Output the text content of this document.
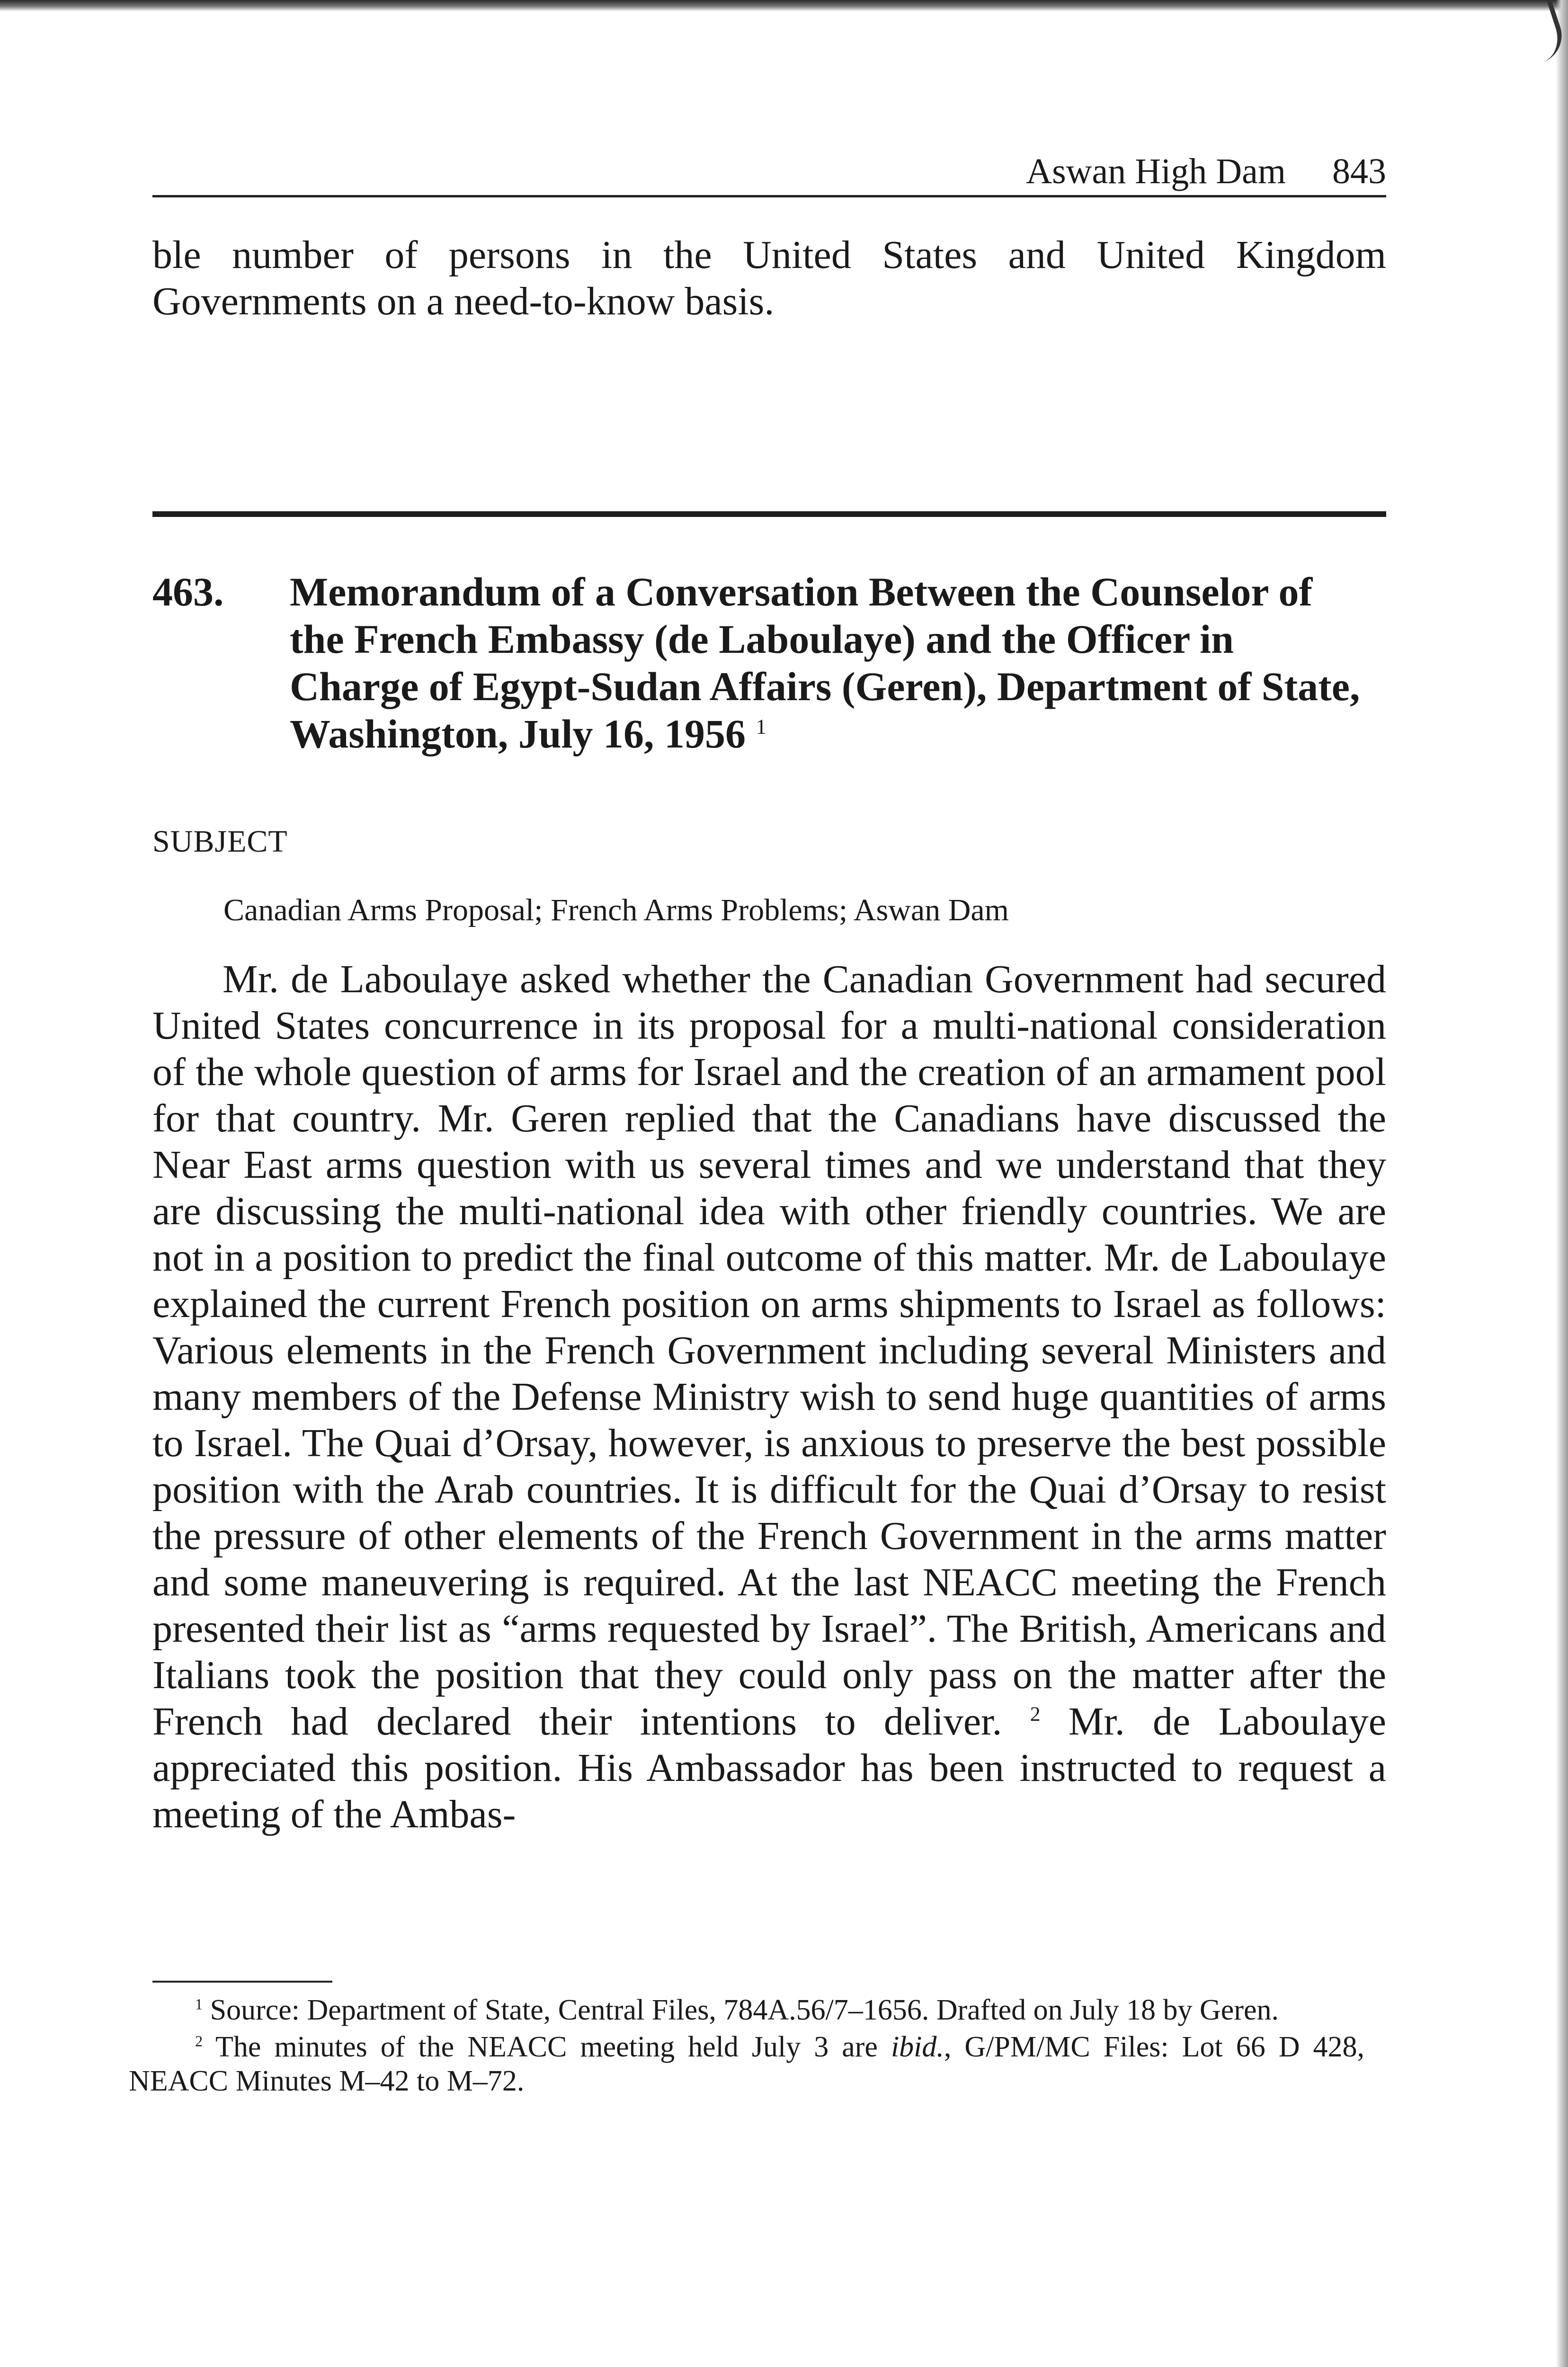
Aswan High Dam 843
ble number of persons in the United States and United Kingdom Governments on a need-to-know basis.
463. Memorandum of a Conversation Between the Counselor of the French Embassy (de Laboulaye) and the Officer in Charge of Egypt-Sudan Affairs (Geren), Department of State, Washington, July 16, 1956 $^1$
SUBJECT
Canadian Arms Proposal; French Arms Problems; Aswan Dam
Mr. de Laboulaye asked whether the Canadian Government had secured United States concurrence in its proposal for a multi-national consideration of the whole question of arms for Israel and the creation of an armament pool for that country. Mr. Geren replied that the Canadians have discussed the Near East arms question with us several times and we understand that they are discussing the multi-national idea with other friendly countries. We are not in a position to predict the final outcome of this matter. Mr. de Laboulaye explained the current French position on arms shipments to Israel as follows: Various elements in the French Government including several Ministers and many members of the Defense Ministry wish to send huge quantities of arms to Israel. The Quai d’Orsay, however, is anxious to preserve the best possible position with the Arab countries. It is difficult for the Quai d’Orsay to resist the pressure of other elements of the French Government in the arms matter and some maneuvering is required. At the last NEACC meeting the French presented their list as “arms requested by Israel”. The British, Americans and Italians took the position that they could only pass on the matter after the French had declared their intentions to deliver. $^2$ Mr. de Laboulaye appreciated this position. His Ambassador has been instructed to request a meeting of the Ambas-

$^1$ Source: Department of State, Central Files, 784A.56/7–1656. Drafted on July 18 by Geren.

$^2$ The minutes of the NEACC meeting held July 3 are ibid., G/PM/MC Files: Lot 66 D 428, NEACC Minutes M–42 to M–72.
